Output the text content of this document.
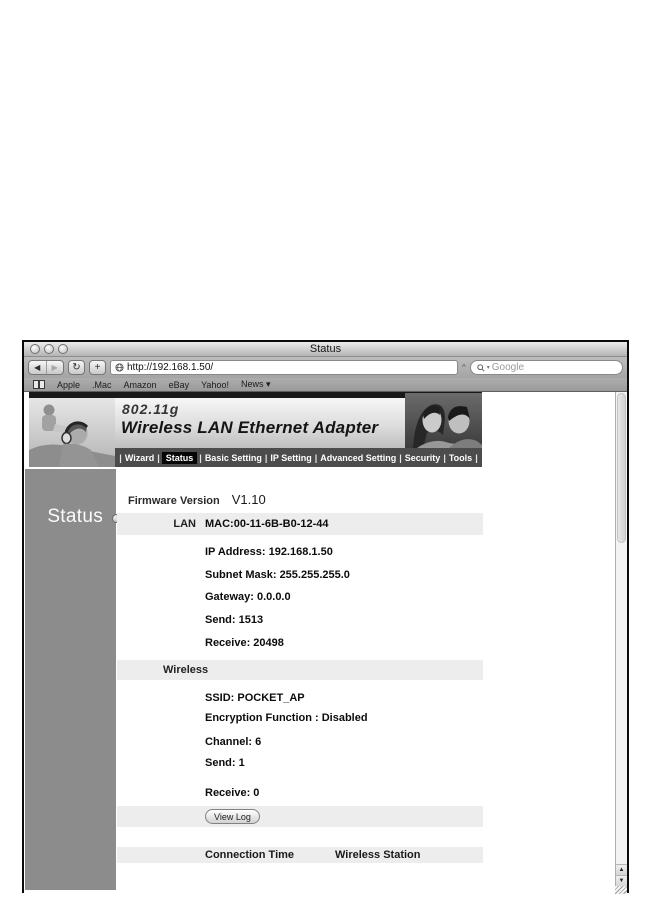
Status
◀	▶	↻	+	http://192.168.1.50/	^	▾ Google
Apple .Mac Amazon eBay Yahoo! News ▾
802.11g
Wireless LAN Ethernet Adapter
|
Wizard |	Status |	Basic Setting | IP Setting | Advanced Setting | Security | Tools
|
Status
Firmware Version V1.10
LAN MAC:00-11-6B-B0-12-44
IP Address: 192.168.1.50
Subnet Mask: 255.255.255.0
Gateway: 0.0.0.0
Send: 1513
Receive: 20498
Wireless
SSID: POCKET_AP
Encryption Function : Disabled
Channel: 6
Send: 1
Receive: 0
View Log
Connection Time	Wireless Station
▲
▼
